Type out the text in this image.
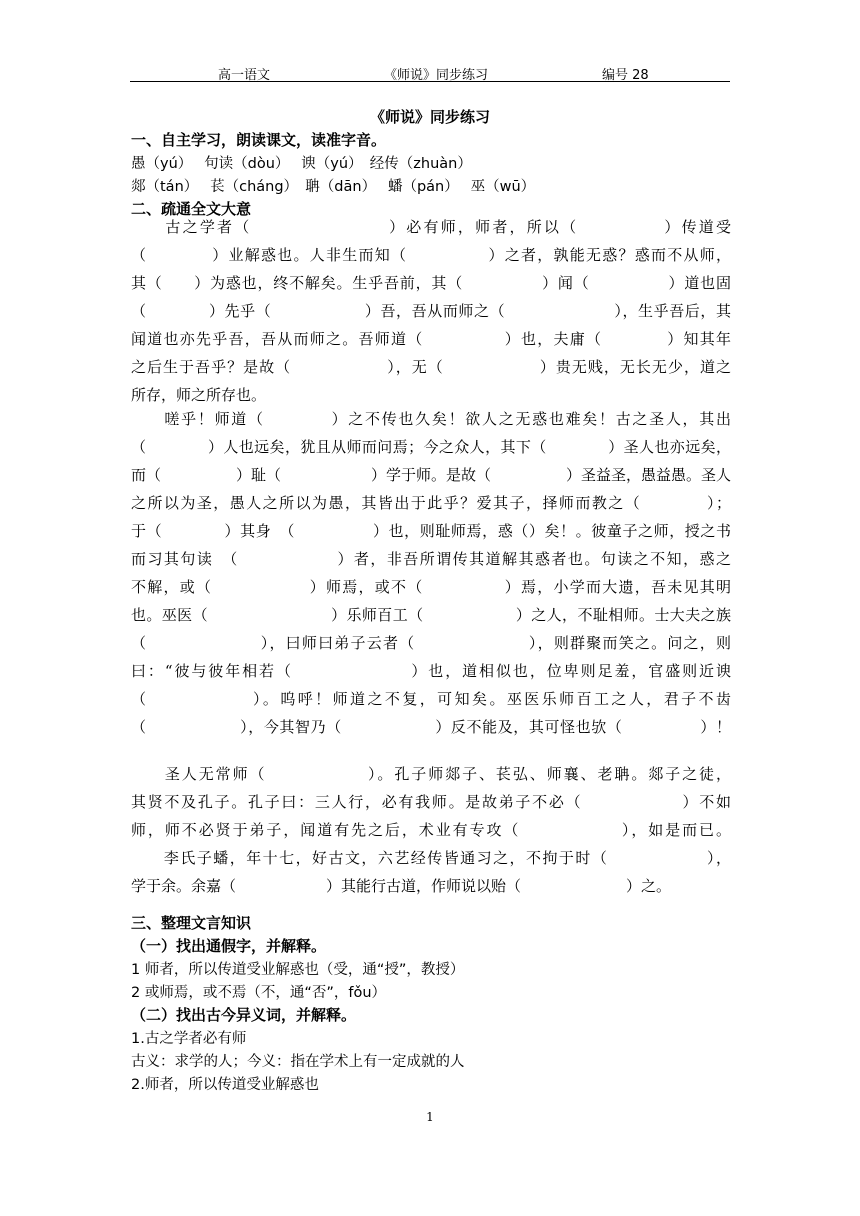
高一语文	《师说》同步练习	编号 28
《师说》同步练习
一、自主学习，朗读课文，读准字音。
愚（yú）　 句读（dòu）　 谀（yú）　经传（zhuàn）
郯（tán）　 苌（cháng）　聃（dān）　 蟠（pán）　 巫（wū）
二、疏通全文大意
　　古之学者（　　　　　　　　）必有师，师者，所以（　　　　　）传道受
（　　　　）业解惑也。人非生而知（　　　　　）之者，孰能无惑？惑而不从师，
其（　　）为惑也，终不解矣。生乎吾前，其（　　　　　）闻（　　　　　）道也固
（　　　　）先乎（　　　　　　）吾，吾从而师之（　　　　　　　），生乎吾后，其
闻道也亦先乎吾，吾从而师之。吾师道（　　　　　）也，夫庸（　　　　）知其年
之后生于吾乎？是故（　　　　　　），无（　　　　　　）贵无贱，无长无少，道之
所存，师之所存也。
　　嗟乎！师道（　　　　）之不传也久矣！欲人之无惑也难矣！古之圣人，其出
（　　　　）人也远矣，犹且从师而问焉；今之众人，其下（　　　　）圣人也亦远矣，
而（　　　　　）耻（　　　　　　）学于师。是故（　　　　　）圣益圣，愚益愚。圣人
之所以为圣，愚人之所以为愚，其皆出于此乎？爱其子，择师而教之（　　　　）；
于（　　　　）其身　（　　　　　）也，则耻师焉，惑（）矣！。彼童子之师，授之书
而习其句读　（　　　　　　）者，非吾所谓传其道解其惑者也。句读之不知，惑之
不解，或（　　　　　　）师焉，或不（　　　　　）焉，小学而大遗，吾未见其明
也。巫医（　　　　　　　　）乐师百工（　　　　　　）之人，不耻相师。士大夫之族
（　　　　　　　），曰师曰弟子云者（　　　　　　　），则群聚而笑之。问之，则
曰：“彼与彼年相若（　　　　　　　）也，道相似也，位卑则足羞，官盛则近谀
（　　　　　　）。呜呼！师道之不复，可知矣。巫医乐师百工之人，君子不齿
（　　　　　　），今其智乃（　　　　　　）反不能及，其可怪也欤（　　　　　）！
　　圣人无常师（　　　　　　）。孔子师郯子、苌弘、师襄、老聃。郯子之徒，
其贤不及孔子。孔子曰：三人行，必有我师。是故弟子不必（　　　　　　）不如
师，师不必贤于弟子，闻道有先之后，术业有专攻（　　　　　　），如是而已。
　　李氏子蟠，年十七，好古文，六艺经传皆通习之，不拘于时（　　　　　　），
学于余。余嘉（　　　　　　）其能行古道，作师说以贻（　　　　　　　）之。
三、整理文言知识
（一）找出通假字，并解释。
1 师者，所以传道受业解惑也（受，通“授”，教授）
2 或师焉，或不焉（不，通“否”，fǒu）
（二）找出古今异义词，并解释。
1.古之学者必有师
古义：求学的人；今义：指在学术上有一定成就的人
2.师者，所以传道受业解惑也
1
